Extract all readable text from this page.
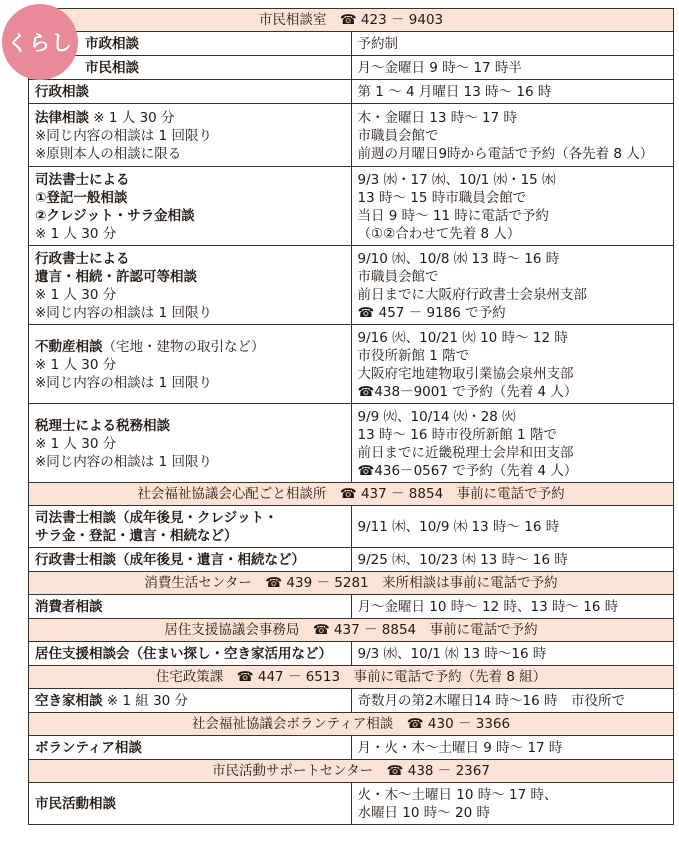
くらし
市民相談室　☎ 423 － 9403	
市政相談	予約制
市民相談	月～金曜日 9 時～ 17 時半
行政相談	第 1 ～ 4 月曜日 13 時～ 16 時

法律相談 ※ 1 人 30 分
※同じ内容の相談は 1 回限り
※原則本人の相談に限る	木・金曜日 13 時～ 17 時
市職員会館で
前週の月曜日9時から電話で予約（各先着 8 人）

司法書士による
①登記一般相談
②クレジット・サラ金相談
※ 1 人 30 分	9/3 ㈬・17 ㈬、10/1 ㈬・15 ㈬
13 時～ 15 時市職員会館で
当日 9 時～ 11 時に電話で予約
（①②合わせて先着 8 人）

行政書士による
遺言・相続・許認可等相談
※ 1 人 30 分
※同じ内容の相談は 1 回限り	9/10 ㈬、10/8 ㈬ 13 時～ 16 時
市職員会館で
前日までに大阪府行政書士会泉州支部
☎ 457 － 9186 で予約

不動産相談（宅地・建物の取引など）
※ 1 人 30 分
※同じ内容の相談は 1 回限り	9/16 ㈫、10/21 ㈫ 10 時～ 12 時
市役所新館 1 階で
大阪府宅地建物取引業協会泉州支部
☎438－9001 で予約（先着 4 人）

税理士による税務相談
※ 1 人 30 分
※同じ内容の相談は 1 回限り	9/9 ㈫、10/14 ㈫・28 ㈫
13 時～ 16 時市役所新館 1 階で
前日までに近畿税理士会岸和田支部
☎436－0567 で予約（先着 4 人）

社会福祉協議会心配ごと相談所　☎ 437 － 8854　事前に電話で予約	

司法書士相談（成年後見・クレジット・
サラ金・登記・遺言・相続など）	9/11 ㈭、10/9 ㈭ 13 時～ 16 時
行政書士相談（成年後見・遺言・相続など）	9/25 ㈭、10/23 ㈭ 13 時～ 16 時
消費生活センター　☎ 439 － 5281　来所相談は事前に電話で予約	
消費者相談	月～金曜日 10 時～ 12 時、13 時～ 16 時
居住支援協議会事務局　☎ 437 － 8854　事前に電話で予約	
居住支援相談会（住まい探し・空き家活用など）	9/3 ㈬、10/1 ㈬ 13 時～16 時
住宅政策課　☎ 447 － 6513　事前に電話で予約（先着 8 組）	
空き家相談 ※ 1 組 30 分	奇数月の第2木曜日14 時～16 時　市役所で
社会福祉協議会ボランティア相談　☎ 430 － 3366	
ボランティア相談	月・火・木～土曜日 9 時～ 17 時
市民活動サポートセンター　☎ 438 － 2367	
市民活動相談	火・木～土曜日 10 時～ 17 時、
水曜日 10 時～ 20 時
